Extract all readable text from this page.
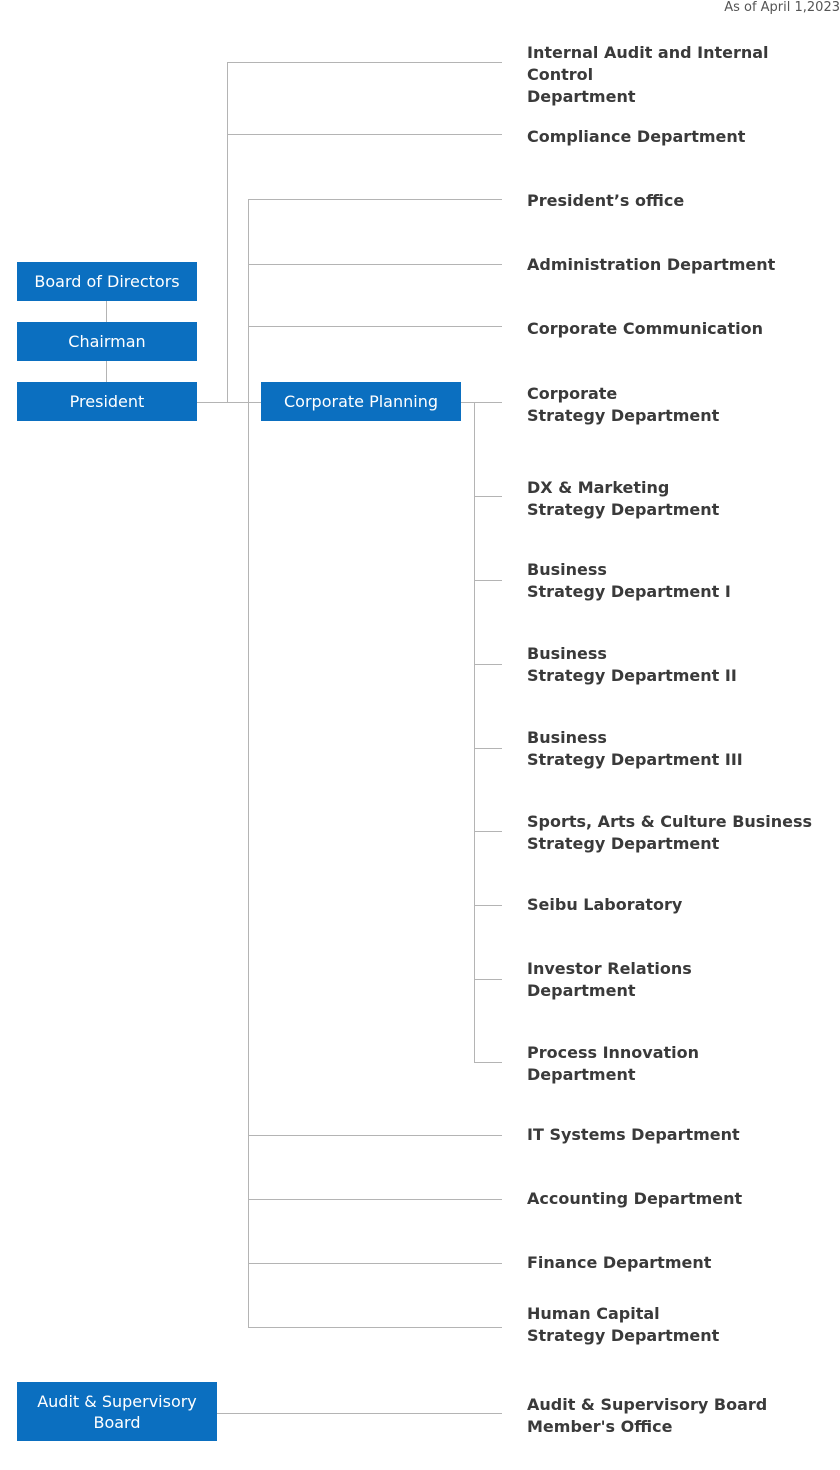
As of April 1,2023
Board of Directors
Chairman
President	Corporate Planning
Audit & Supervisory
Board
Internal Audit and Internal Control
Department
Compliance Department
President’s office
Administration Department
Corporate Communication
Corporate
Strategy Department
DX & Marketing
Strategy Department
Business
Strategy Department I
Business
Strategy Department II
Business
Strategy Department III
Sports, Arts & Culture Business
Strategy Department
Seibu Laboratory
Investor Relations
Department
Process Innovation
Department
IT Systems Department
Accounting Department
Finance Department
Human Capital
Strategy Department
Audit & Supervisory Board
Member's Office
